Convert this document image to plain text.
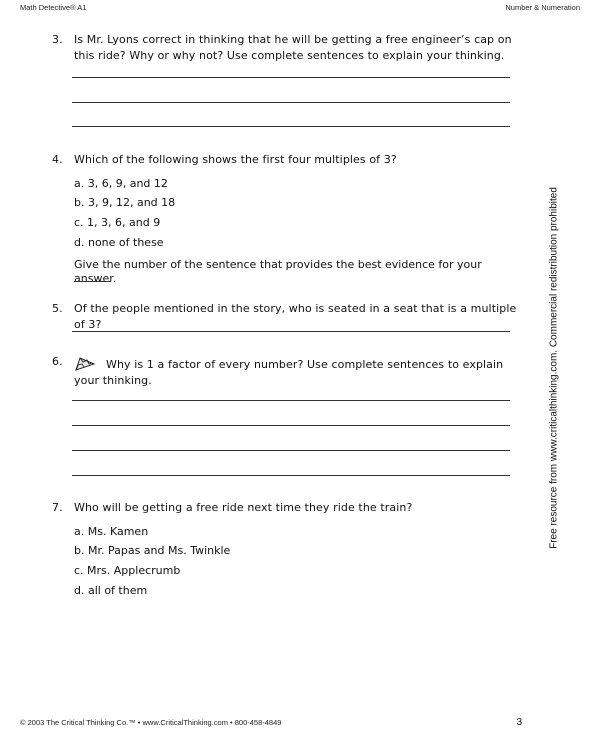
Math Detective® A1	Number & Numeration
3. Is Mr. Lyons correct in thinking that he will be getting a free engineer’s cap on this ride? Why or why not? Use complete sentences to explain your thinking.
4. Which of the following shows the first four multiples of 3?
a. 3, 6, 9, and 12
b. 3, 9, 12, and 18
c. 1, 3, 6, and 9
d. none of these
Give the number of the sentence that provides the best evidence for your answer.
5. Of the people mentioned in the story, who is seated in a seat that is a multiple of 3?
6.	Why is 1 a factor of every number? Use complete sentences to explain your thinking.
7. Who will be getting a free ride next time they ride the train?
a. Ms. Kamen
b. Mr. Papas and Ms. Twinkle
c. Mrs. Applecrumb
d. all of them
Free resource from www.criticalthinking.com. Commercial redistribution prohibited
© 2003 The Critical Thinking Co.™ • www.CriticalThinking.com • 800-458-4849	3
